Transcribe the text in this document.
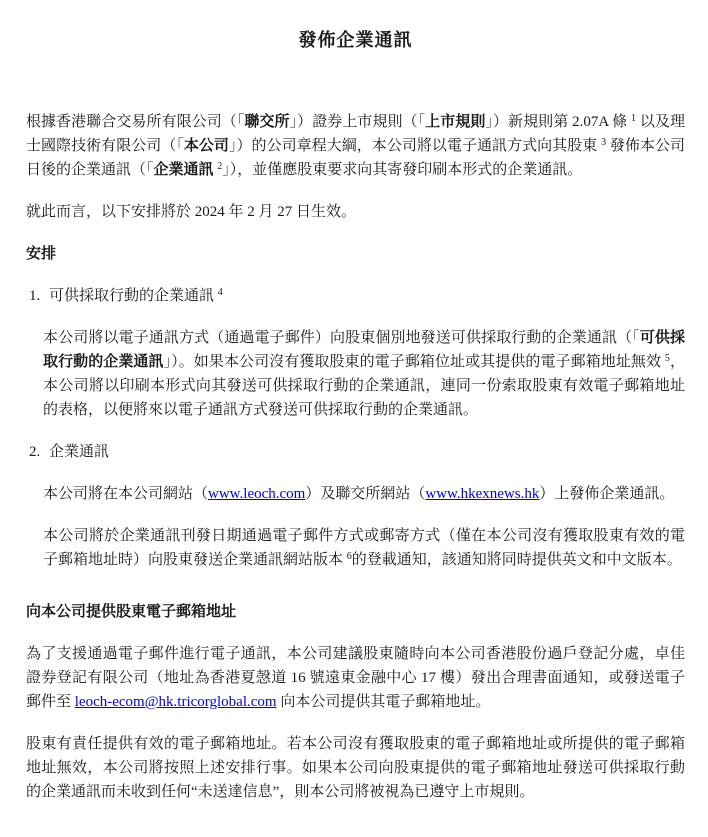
發佈企業通訊

根據香港聯合交易所有限公司（「聯交所」）證券上市規則（「上市規則」）新規則第 2.07A 條 $^1$ 以及理士國際技術有限公司（「本公司」）的公司章程大綱，本公司將以電子通訊方式向其股東 $^3$ 發佈本公司日後的企業通訊（「企業通訊 $^2$」），並僅應股東要求向其寄發印刷本形式的企業通訊。

就此而言，以下安排將於 2024 年 2 月 27 日生效。

安排
1. 可供採取行動的企業通訊 $^4$

本公司將以電子通訊方式（通過電子郵件）向股東個別地發送可供採取行動的企業通訊（「可供採取行動的企業通訊」）。如果本公司沒有獲取股東的電子郵箱位址或其提供的電子郵箱地址無效 $^5$，本公司將以印刷本形式向其發送可供採取行動的企業通訊，連同一份索取股東有效電子郵箱地址的表格，以便將來以電子通訊方式發送可供採取行動的企業通訊。

2. 企業通訊

本公司將在本公司網站（www.leoch.com）及聯交所網站（www.hkexnews.hk）上發佈企業通訊。

本公司將於企業通訊刊發日期通過電子郵件方式或郵寄方式（僅在本公司沒有獲取股東有效的電子郵箱地址時）向股東發送企業通訊網站版本 $^6$的登載通知，該通知將同時提供英文和中文版本。

向本公司提供股東電子郵箱地址

為了支援通過電子郵件進行電子通訊，本公司建議股東隨時向本公司香港股份過戶登記分處，卓佳證券登記有限公司（地址為香港夏愨道 16 號遠東金融中心 17 樓）發出合理書面通知，或發送電子郵件至 leoch-ecom@hk.tricorglobal.com 向本公司提供其電子郵箱地址。

股東有責任提供有效的電子郵箱地址。若本公司沒有獲取股東的電子郵箱地址或所提供的電子郵箱地址無效，本公司將按照上述安排行事。如果本公司向股東提供的電子郵箱地址發送可供採取行動的企業通訊而未收到任何“未送達信息”，則本公司將被視為已遵守上市規則。
